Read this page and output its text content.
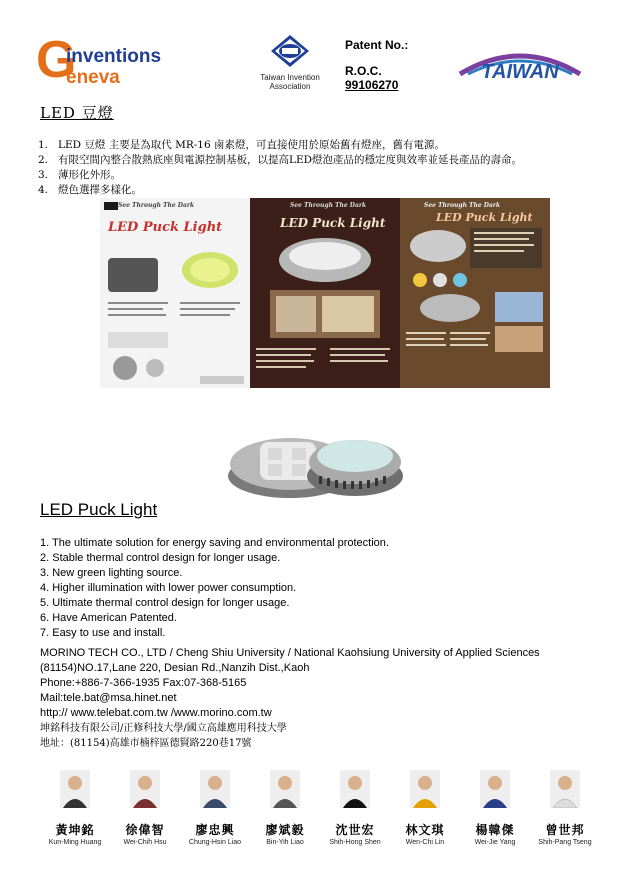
G
inventions
eneva	Taiwan Invention Association
Patent No.:
R.O.C.
99106270
TAIWAN
LED 豆燈
1. LED 豆燈 主要是為取代 MR-16 鹵素燈，可直接使用於原始舊有燈座，舊有電源。
2. 有限空間內整合散熱底座與電源控制基板，以提高LED燈泡產品的穩定度與效率並延長產品的壽命。
3. 薄形化外形。
4. 燈色選擇多樣化。
See Through The Dark
LED Puck Light
See Through The Dark
LED Puck Light
See Through The Dark
LED Puck Light
LED Puck Light
1. The ultimate solution for energy saving and environmental protection.
2. Stable thermal control design for longer usage.
3. New green lighting source.
4. Higher illumination with lower power consumption.
5. Ultimate thermal control design for longer usage.
6. Have American Patented.
7. Easy to use and install.
MORINO TECH CO., LTD / Cheng Shiu University / National Kaohsiung University of Applied Sciences
(81154)NO.17,Lane 220, Desian Rd.,Nanzih Dist.,Kaoh
Phone:+886-7-366-1935 Fax:07-368-5165
Mail:tele.bat@msa.hinet.net
http:// www.telebat.com.tw /www.morino.com.tw
坤銘科技有限公司/正修科技大學/國立高雄應用科技大學
地址：(81154)高雄市楠梓區德賢路220巷17號
黃坤銘
Kun-Ming Huang
徐偉智
Wei-Chih Hsu
廖忠興
Chung-Hsin Liao
廖斌毅
Bin-Yih Liao
沈世宏
Shih-Hong Shen
林文琪
Wen-Chi Lin
楊韓傑
Wei-Jie Yang
曾世邦
Shih-Pang Tseng
